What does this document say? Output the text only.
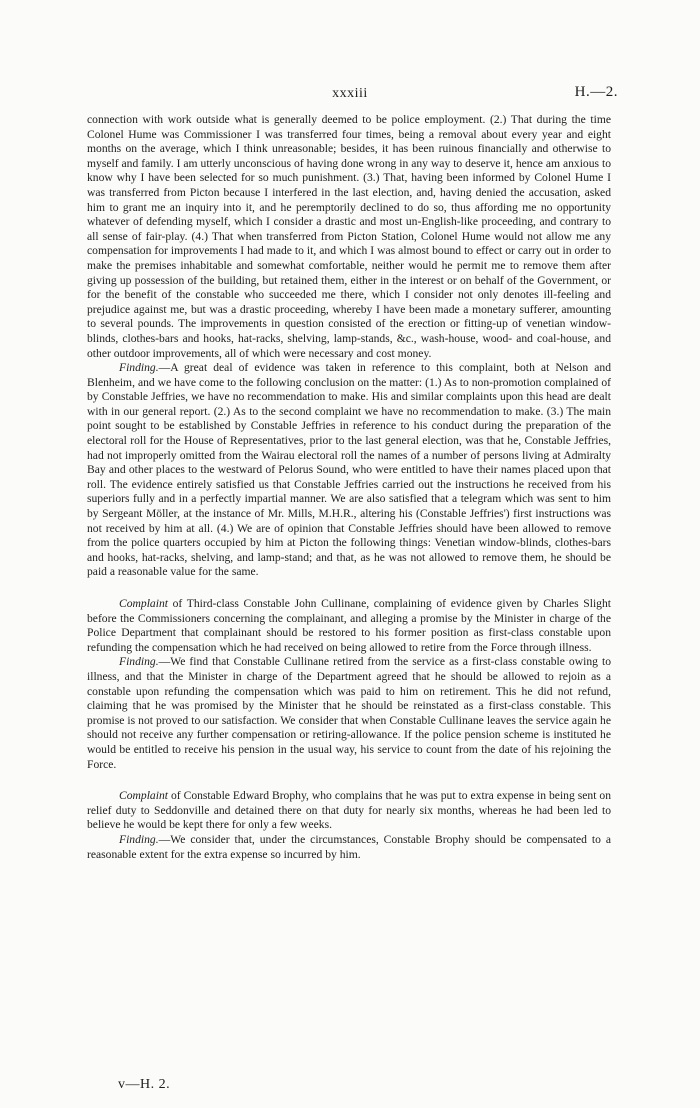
xxxiii	H.—2.

connection with work outside what is generally deemed to be police employment. (2.) That during the time Colonel Hume was Commissioner I was transferred four times, being a removal about every year and eight months on the average, which I think unreasonable; besides, it has been ruinous financially and otherwise to myself and family. I am utterly unconscious of having done wrong in any way to deserve it, hence am anxious to know why I have been selected for so much punishment. (3.) That, having been informed by Colonel Hume I was transferred from Picton because I interfered in the last election, and, having denied the accusation, asked him to grant me an inquiry into it, and he peremptorily declined to do so, thus affording me no opportunity whatever of defending myself, which I consider a drastic and most un-English-like proceeding, and contrary to all sense of fair-play. (4.) That when transferred from Picton Station, Colonel Hume would not allow me any compensation for improvements I had made to it, and which I was almost bound to effect or carry out in order to make the premises inhabitable and somewhat comfortable, neither would he permit me to remove them after giving up possession of the building, but retained them, either in the interest or on behalf of the Government, or for the benefit of the constable who succeeded me there, which I consider not only denotes ill-feeling and prejudice against me, but was a drastic proceeding, whereby I have been made a monetary sufferer, amounting to several pounds. The improvements in question consisted of the erection or fitting-up of venetian window-blinds, clothes-bars and hooks, hat-racks, shelving, lamp-stands, &c., wash-house, wood- and coal-house, and other outdoor improvements, all of which were necessary and cost money.

Finding.—A great deal of evidence was taken in reference to this complaint, both at Nelson and Blenheim, and we have come to the following conclusion on the matter: (1.) As to non-promotion complained of by Constable Jeffries, we have no recommendation to make. His and similar complaints upon this head are dealt with in our general report. (2.) As to the second complaint we have no recommendation to make. (3.) The main point sought to be established by Constable Jeffries in reference to his conduct during the preparation of the electoral roll for the House of Representatives, prior to the last general election, was that he, Constable Jeffries, had not improperly omitted from the Wairau electoral roll the names of a number of persons living at Admiralty Bay and other places to the westward of Pelorus Sound, who were entitled to have their names placed upon that roll. The evidence entirely satisfied us that Constable Jeffries carried out the instructions he received from his superiors fully and in a perfectly impartial manner. We are also satisfied that a telegram which was sent to him by Sergeant Möller, at the instance of Mr. Mills, M.H.R., altering his (Constable Jeffries') first instructions was not received by him at all. (4.) We are of opinion that Constable Jeffries should have been allowed to remove from the police quarters occupied by him at Picton the following things: Venetian window-blinds, clothes-bars and hooks, hat-racks, shelving, and lamp-stand; and that, as he was not allowed to remove them, he should be paid a reasonable value for the same.

Complaint of Third-class Constable John Cullinane, complaining of evidence given by Charles Slight before the Commissioners concerning the complainant, and alleging a promise by the Minister in charge of the Police Department that complainant should be restored to his former position as first-class constable upon refunding the compensation which he had received on being allowed to retire from the Force through illness.

Finding.—We find that Constable Cullinane retired from the service as a first-class constable owing to illness, and that the Minister in charge of the Department agreed that he should be allowed to rejoin as a constable upon refunding the compensation which was paid to him on retirement. This he did not refund, claiming that he was promised by the Minister that he should be reinstated as a first-class constable. This promise is not proved to our satisfaction. We consider that when Constable Cullinane leaves the service again he should not receive any further compensation or retiring-allowance. If the police pension scheme is instituted he would be entitled to receive his pension in the usual way, his service to count from the date of his rejoining the Force.

Complaint of Constable Edward Brophy, who complains that he was put to extra expense in being sent on relief duty to Seddonville and detained there on that duty for nearly six months, whereas he had been led to believe he would be kept there for only a few weeks.

Finding.—We consider that, under the circumstances, Constable Brophy should be compensated to a reasonable extent for the extra expense so incurred by him.

v—H. 2.
